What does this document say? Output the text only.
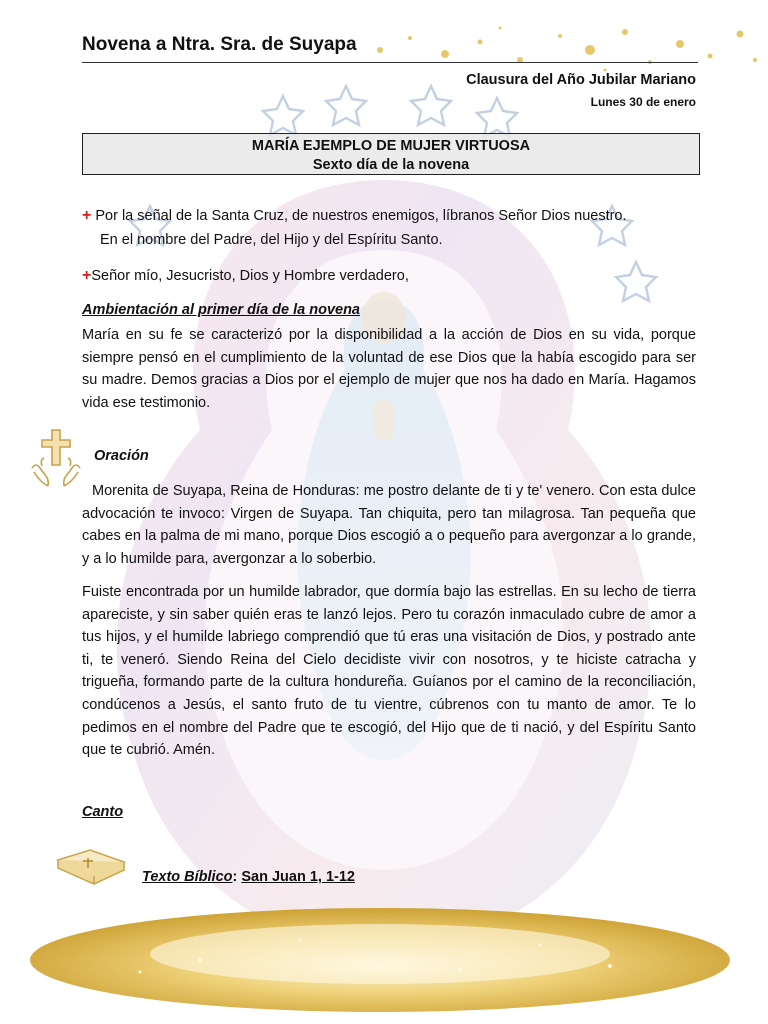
Novena a Ntra. Sra. de Suyapa
Clausura del Año Jubilar Mariano
Lunes 30 de enero
MARÍA EJEMPLO DE MUJER VIRTUOSA
Sexto día de la novena
+ Por la señal de la Santa Cruz, de nuestros enemigos, líbranos Señor Dios nuestro.
En el nombre del Padre, del Hijo y del Espíritu Santo.
+Señor mío, Jesucristo, Dios y Hombre verdadero,
Ambientación al primer día de la novena
María en su fe se caracterizó por la disponibilidad a la acción de Dios en su vida, porque siempre pensó en el cumplimiento de la voluntad de ese Dios que la había escogido para ser su madre. Demos gracias a Dios por el ejemplo de mujer que nos ha dado en María. Hagamos vida ese testimonio.
Oración
Morenita de Suyapa, Reina de Honduras: me postro delante de ti y te' venero. Con esta dulce advocación te invoco: Virgen de Suyapa. Tan chiquita, pero tan milagrosa. Tan pequeña que cabes en la palma de mi mano, porque Dios escogió a o pequeño para avergonzar a lo grande, y a lo humilde para, avergonzar a lo soberbio.
Fuiste encontrada por un humilde labrador, que dormía bajo las estrellas. En su lecho de tierra apareciste, y sin saber quién eras te lanzó lejos. Pero tu corazón inmaculado cubre de amor a tus hijos, y el humilde labriego comprendió que tú eras una visitación de Dios, y postrado ante ti, te veneró. Siendo Reina del Cielo decidiste vivir con nosotros, y te hiciste catracha y trigueña, formando parte de la cultura hondureña. Guíanos por el camino de la reconciliación, condúcenos a Jesús, el santo fruto de tu vientre, cúbrenos con tu manto de amor. Te lo pedimos en el nombre del Padre que te escogió, del Hijo que de ti nació, y del Espíritu Santo que te cubrió. Amén.
Canto
Texto Bíblico: San Juan 1, 1-12
